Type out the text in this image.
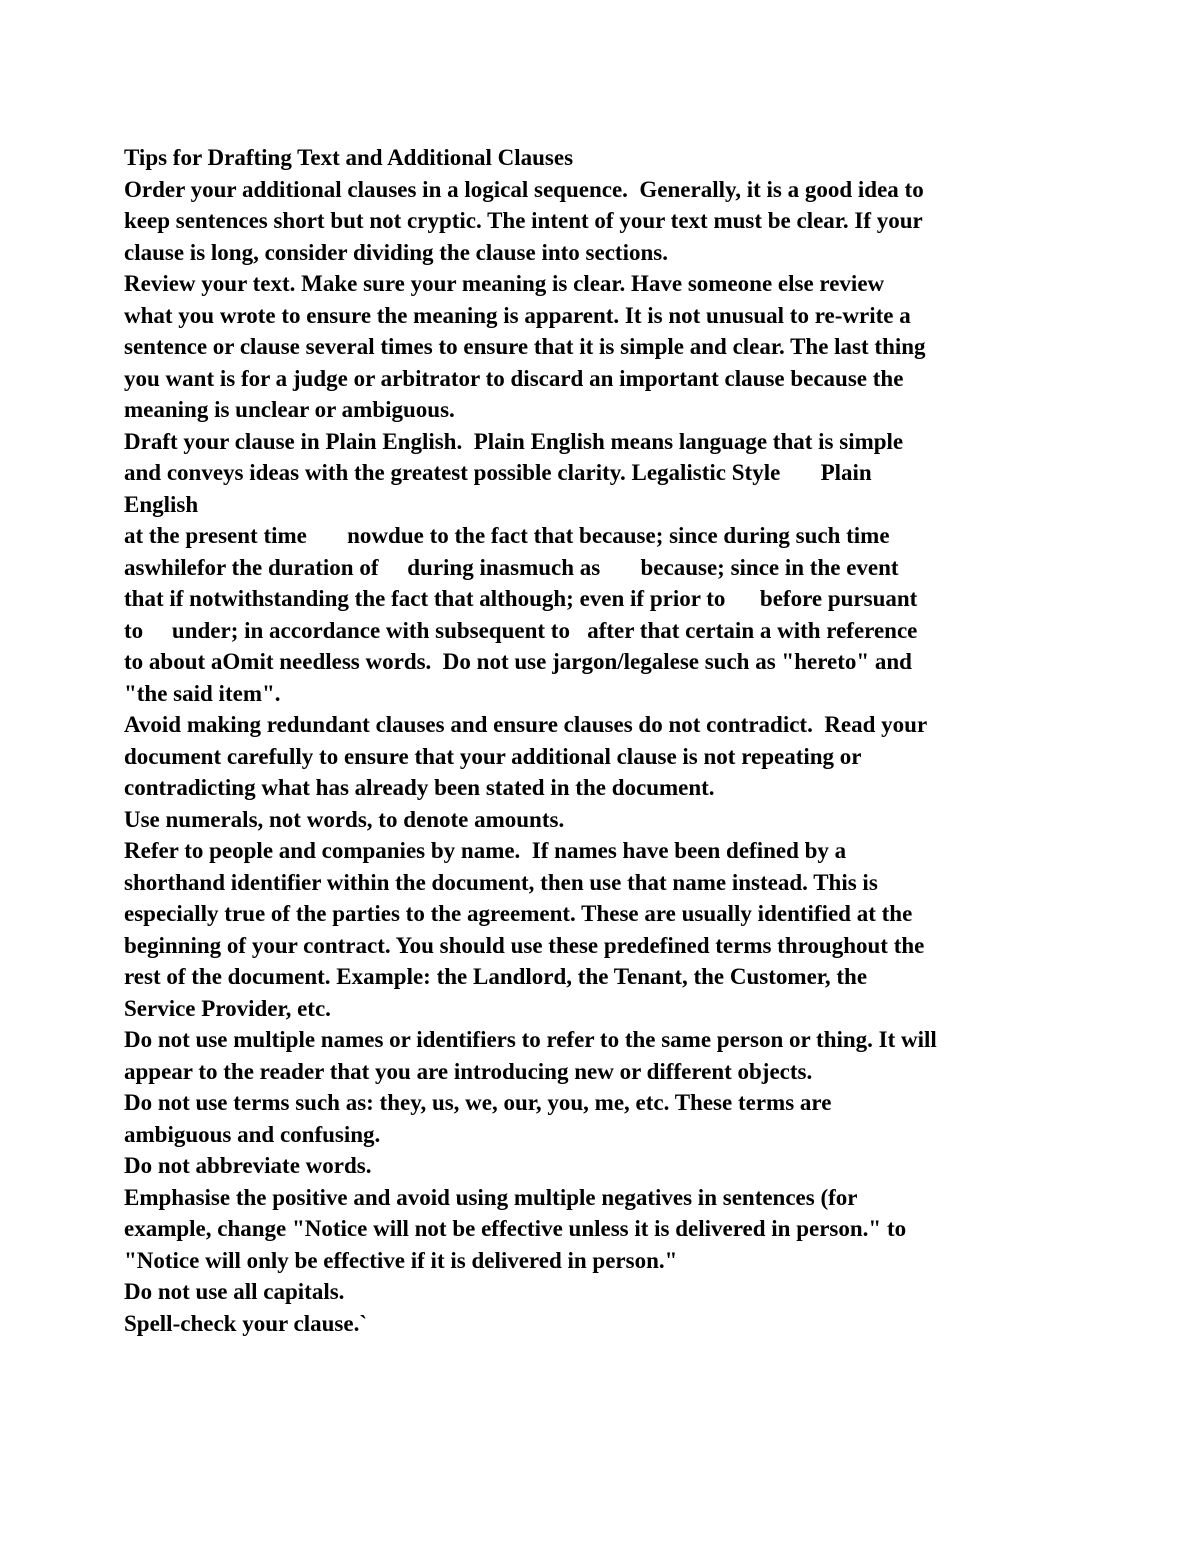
Tips for Drafting Text and Additional Clauses
Order your additional clauses in a logical sequence.  Generally, it is a good idea to
keep sentences short but not cryptic. The intent of your text must be clear. If your
clause is long, consider dividing the clause into sections.
Review your text. Make sure your meaning is clear. Have someone else review
what you wrote to ensure the meaning is apparent. It is not unusual to re-write a
sentence or clause several times to ensure that it is simple and clear. The last thing
you want is for a judge or arbitrator to discard an important clause because the
meaning is unclear or ambiguous.
Draft your clause in Plain English.  Plain English means language that is simple
and conveys ideas with the greatest possible clarity. Legalistic Style       Plain
English
at the present time       nowdue to the fact that because; since during such time
aswhilefor the duration of     during inasmuch as       because; since in the event
that if notwithstanding the fact that although; even if prior to      before pursuant
to     under; in accordance with subsequent to   after that certain a with reference
to about aOmit needless words.  Do not use jargon/legalese such as "hereto" and
"the said item".
Avoid making redundant clauses and ensure clauses do not contradict.  Read your
document carefully to ensure that your additional clause is not repeating or
contradicting what has already been stated in the document.
Use numerals, not words, to denote amounts.
Refer to people and companies by name.  If names have been defined by a
shorthand identifier within the document, then use that name instead. This is
especially true of the parties to the agreement. These are usually identified at the
beginning of your contract. You should use these predefined terms throughout the
rest of the document. Example: the Landlord, the Tenant, the Customer, the
Service Provider, etc.
Do not use multiple names or identifiers to refer to the same person or thing. It will
appear to the reader that you are introducing new or different objects.
Do not use terms such as: they, us, we, our, you, me, etc. These terms are
ambiguous and confusing.
Do not abbreviate words.
Emphasise the positive and avoid using multiple negatives in sentences (for
example, change "Notice will not be effective unless it is delivered in person." to
"Notice will only be effective if it is delivered in person."
Do not use all capitals.
Spell-check your clause.`
